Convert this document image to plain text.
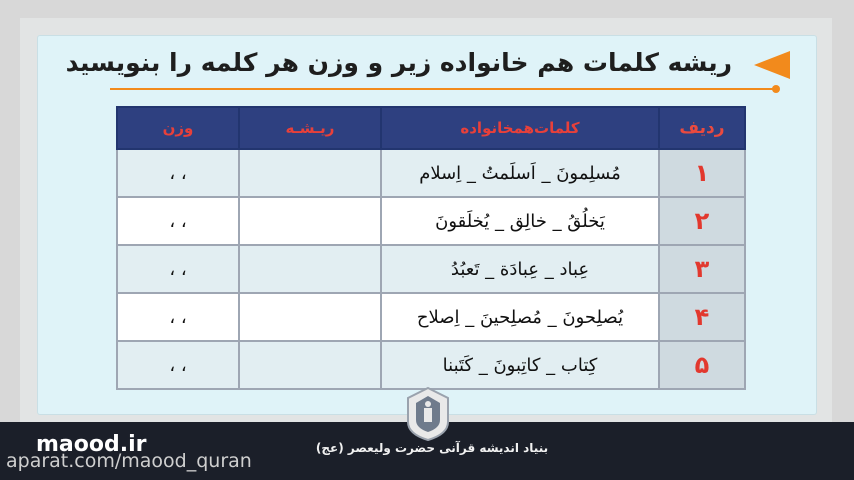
ریشه کلمات هم خانواده زیر و وزن هر کلمه را بنویسید
ردیف	کلمات‌همخانواده	ریـشـه	وزن
۱	مُسلِمونَ _ اَسلَمتُ _ اِسلام		، ،
۲	یَخلُقُ _ خالِق _ یُخلَقونَ		، ،
۳	عِباد _ عِبادَة _ تَعبُدُ		، ،
۴	یُصلِحونَ _ مُصلِحینَ _ اِصلاح		، ،
۵	کِتاب _ کاتِبونَ _ کَتَبنا		، ،
maood.ir
aparat.com/maood_quran
بنیاد اندیشه قرآنی حضرت ولیعصر (عج)
